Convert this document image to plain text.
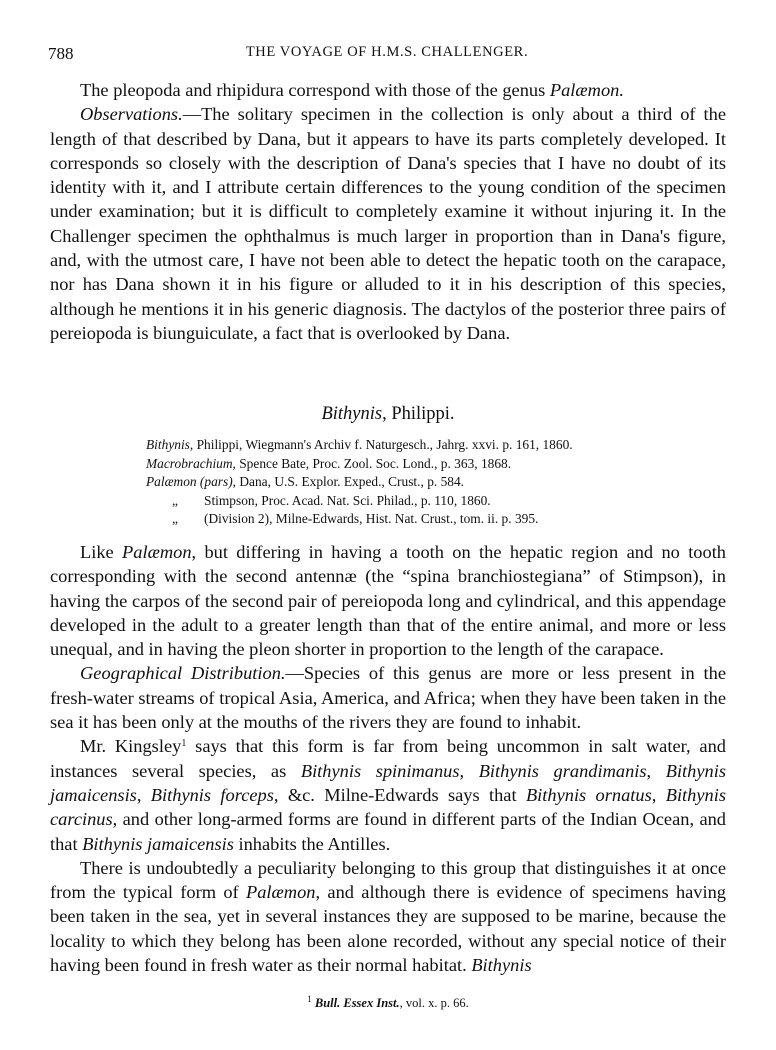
788	THE VOYAGE OF H.M.S. CHALLENGER.

The pleopoda and rhipidura correspond with those of the genus Palæmon.

Observations.—The solitary specimen in the collection is only about a third of the length of that described by Dana, but it appears to have its parts completely developed. It corresponds so closely with the description of Dana's species that I have no doubt of its identity with it, and I attribute certain differences to the young condition of the specimen under examination; but it is difficult to completely examine it without injuring it. In the Challenger specimen the ophthalmus is much larger in proportion than in Dana's figure, and, with the utmost care, I have not been able to detect the hepatic tooth on the carapace, nor has Dana shown it in his figure or alluded to it in his description of this species, although he mentions it in his generic diagnosis. The dactylos of the posterior three pairs of pereiopoda is biunguiculate, a fact that is overlooked by Dana.

Bithynis, Philippi.
Bithynis, Philippi, Wiegmann's Archiv f. Naturgesch., Jahrg. xxvi. p. 161, 1860.
Macrobrachium, Spence Bate, Proc. Zool. Soc. Lond., p. 363, 1868.
Palæmon (pars), Dana, U.S. Explor. Exped., Crust., p. 584.
„ Stimpson, Proc. Acad. Nat. Sci. Philad., p. 110, 1860.
„ (Division 2), Milne-Edwards, Hist. Nat. Crust., tom. ii. p. 395.

Like Palæmon, but differing in having a tooth on the hepatic region and no tooth corresponding with the second antennæ (the “spina branchiostegiana” of Stimpson), in having the carpos of the second pair of pereiopoda long and cylindrical, and this appendage developed in the adult to a greater length than that of the entire animal, and more or less unequal, and in having the pleon shorter in proportion to the length of the carapace.

Geographical Distribution.—Species of this genus are more or less present in the fresh-water streams of tropical Asia, America, and Africa; when they have been taken in the sea it has been only at the mouths of the rivers they are found to inhabit.

Mr. Kingsley$^1$ says that this form is far from being uncommon in salt water, and instances several species, as Bithynis spinimanus, Bithynis grandimanis, Bithynis jamaicensis, Bithynis forceps, &c. Milne-Edwards says that Bithynis ornatus, Bithynis carcinus, and other long-armed forms are found in different parts of the Indian Ocean, and that Bithynis jamaicensis inhabits the Antilles.

There is undoubtedly a peculiarity belonging to this group that distinguishes it at once from the typical form of Palæmon, and although there is evidence of specimens having been taken in the sea, yet in several instances they are supposed to be marine, because the locality to which they belong has been alone recorded, without any special notice of their having been found in fresh water as their normal habitat. Bithynis

$^1$ Bull. Essex Inst., vol. x. p. 66.
